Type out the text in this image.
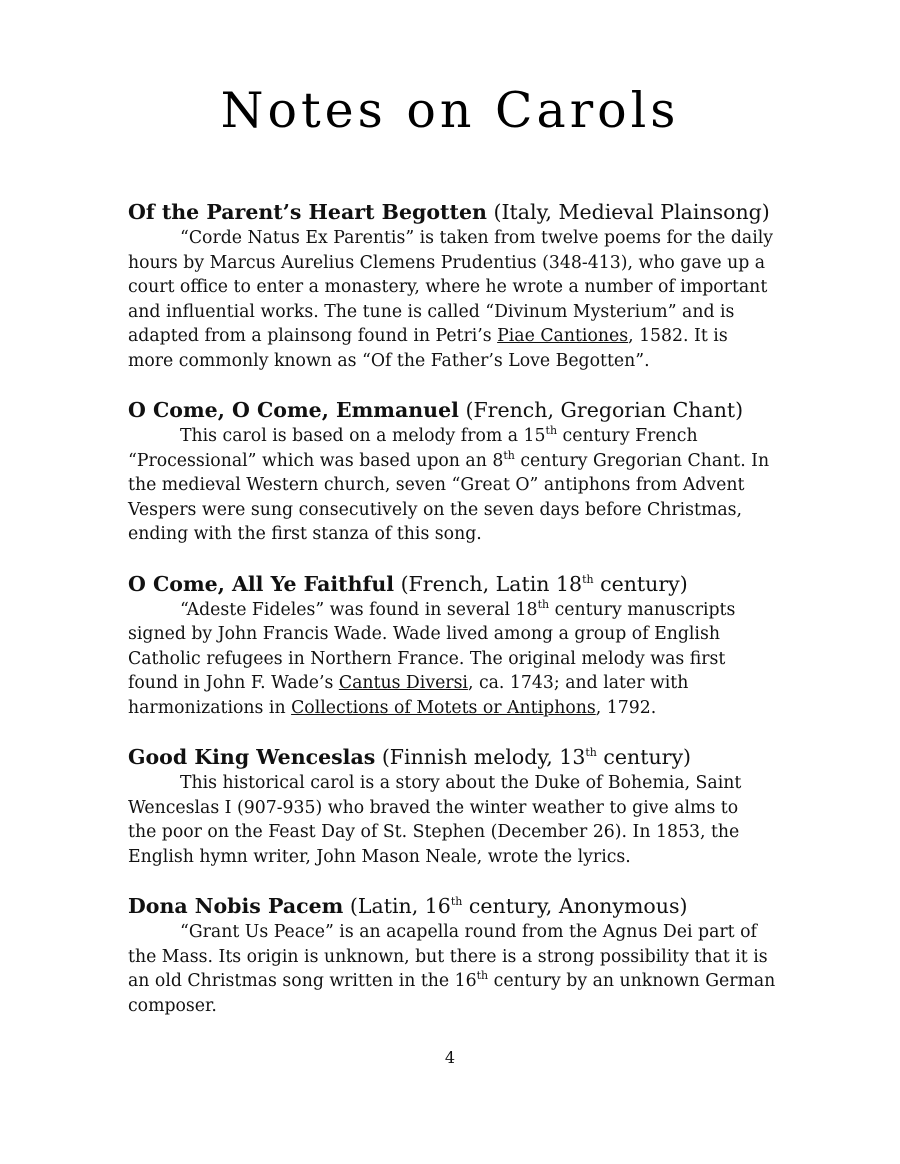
Notes on Carols
Of the Parent’s Heart Begotten (Italy, Medieval Plainsong)

“Corde Natus Ex Parentis” is taken from twelve poems for the daily
hours by Marcus Aurelius Clemens Prudentius (348-413), who gave up a
court office to enter a monastery, where he wrote a number of important
and influential works. The tune is called “Divinum Mysterium” and is
adapted from a plainsong found in Petri’s Piae Cantiones, 1582. It is
more commonly known as “Of the Father’s Love Begotten”.

O Come, O Come, Emmanuel (French, Gregorian Chant)

This carol is based on a melody from a 15th century French
“Processional” which was based upon an 8th century Gregorian Chant. In
the medieval Western church, seven “Great O” antiphons from Advent
Vespers were sung consecutively on the seven days before Christmas,
ending with the first stanza of this song.

O Come, All Ye Faithful (French, Latin 18th century)

“Adeste Fideles” was found in several 18th century manuscripts
signed by John Francis Wade. Wade lived among a group of English
Catholic refugees in Northern France. The original melody was first
found in John F. Wade’s Cantus Diversi, ca. 1743; and later with
harmonizations in Collections of Motets or Antiphons, 1792.

Good King Wenceslas (Finnish melody, 13th century)

This historical carol is a story about the Duke of Bohemia, Saint
Wenceslas I (907-935) who braved the winter weather to give alms to
the poor on the Feast Day of St. Stephen (December 26). In 1853, the
English hymn writer, John Mason Neale, wrote the lyrics.

Dona Nobis Pacem (Latin, 16th century, Anonymous)

“Grant Us Peace” is an acapella round from the Agnus Dei part of
the Mass. Its origin is unknown, but there is a strong possibility that it is
an old Christmas song written in the 16th century by an unknown German
composer.

4
